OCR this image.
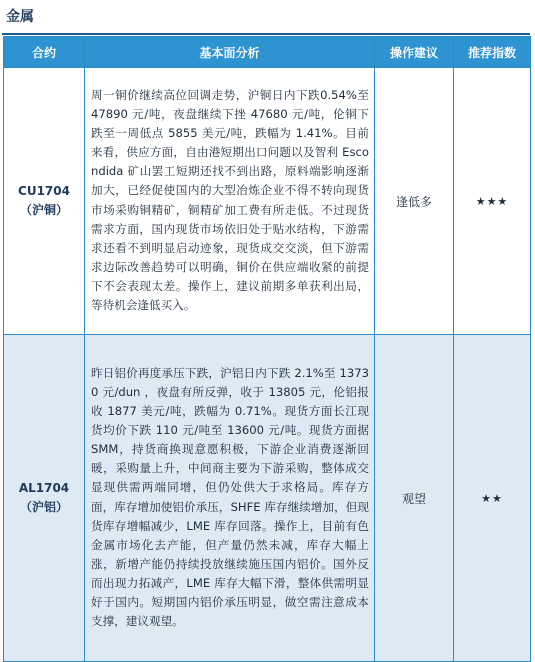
金属
合约	基本面分析	操作建议	推荐指数

CU1704
（沪铜）	周一铜价继续高位回调走势，沪铜日内下跌0.54%至 47890 元/吨，夜盘继续下挫 47680 元/吨，伦铜下跌至一周低点 5855 美元/吨，跌幅为 1.41%。目前来看，供应方面，自由港短期出口问题以及智利 Escondida 矿山罢工短期还找不到出路，原料端影响逐渐加大，已经促使国内的大型冶炼企业不得不转向现货市场采购铜精矿，铜精矿加工费有所走低。不过现货需求方面，国内现货市场依旧处于贴水结构，下游需求还看不到明显启动迹象，现货成交交淡，但下游需求边际改善趋势可以明确，铜价在供应端收紧的前提下不会表现太差。操作上，建议前期多单获利出局，等待机会逢低买入。	逢低多	★★★

AL1704
（沪铝）	昨日铝价再度承压下跌，沪铝日内下跌 2.1%至 13730 元/dun ，夜盘有所反弹，收于 13805 元，伦铝报收 1877 美元/吨，跌幅为 0.71%。现货方面长江现货均价下跌 110 元/吨至 13600 元/吨。现货方面据 SMM，持货商换现意愿积极，下游企业消费逐渐回暖，采购量上升，中间商主要为下游采购，整体成交显现供需两端同增，但仍处供大于求格局。库存方面，库存增加使铝价承压，SHFE 库存继续增加，但现货库存增幅减少，LME 库存回落。操作上，目前有色金属市场化去产能，但产量仍然未减，库存大幅上涨，新增产能仍持续投放继续施压国内铝价。国外反而出现力拓减产，LME 库存大幅下滑，整体供需明显好于国内。短期国内铝价承压明显，做空需注意成本支撑，建议观望。	观望	★★
